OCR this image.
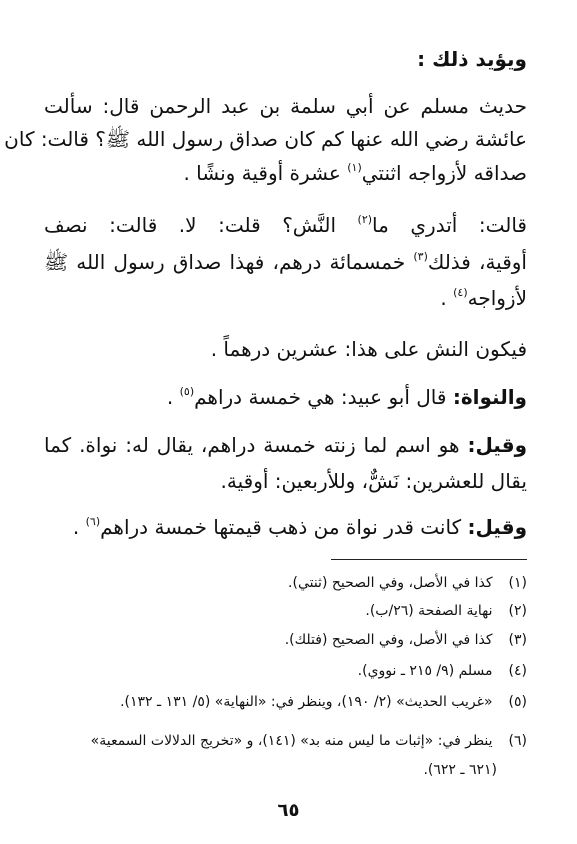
ويؤيد ذلك :
حديث مسلم عن أبي سلمة بن عبد الرحمن قال: سألت
عائشة رضي الله عنها كم كان صداق رسول الله ﷺ؟ قالت: كان
صداقه لأزواجه اثنتي$^{(١)}$ عشرة أوقية ونشًا .
قالت: أتدري ما$^{(٢)}$ النَّش؟ قلت: لا. قالت: نصف
أوقية، فذلك$^{(٣)}$ خمسمائة درهم، فهذا صداق رسول الله ﷺ
لأزواجه$^{(٤)}$ .
فيكون النش على هذا: عشرين درهماً .
والنواة: قال أبو عبيد: هي خمسة دراهم$^{(٥)}$ .
وقيل: هو اسم لما زنته خمسة دراهم، يقال له: نواة. كما
يقال للعشرين: نَشٌّ، وللأربعين: أوقية.
وقيل: كانت قدر نواة من ذهب قيمتها خمسة دراهم$^{(٦)}$ .
(١) كذا في الأصل، وفي الصحيح (ثنتي).
(٢) نهاية الصفحة (٢٦/ب).
(٣) كذا في الأصل، وفي الصحيح (فتلك).
(٤) مسلم (٩/ ٢١٥ ـ نووي).
(٥) «غريب الحديث» (٢/ ١٩٠)، وينظر في: «النهاية» (٥/ ١٣١ ـ ١٣٢).
(٦) ينظر في: «إثبات ما ليس منه بد» (١٤١)، و «تخريج الدلالات السمعية»
(٦٢١ ـ ٦٢٢).
٦٥
